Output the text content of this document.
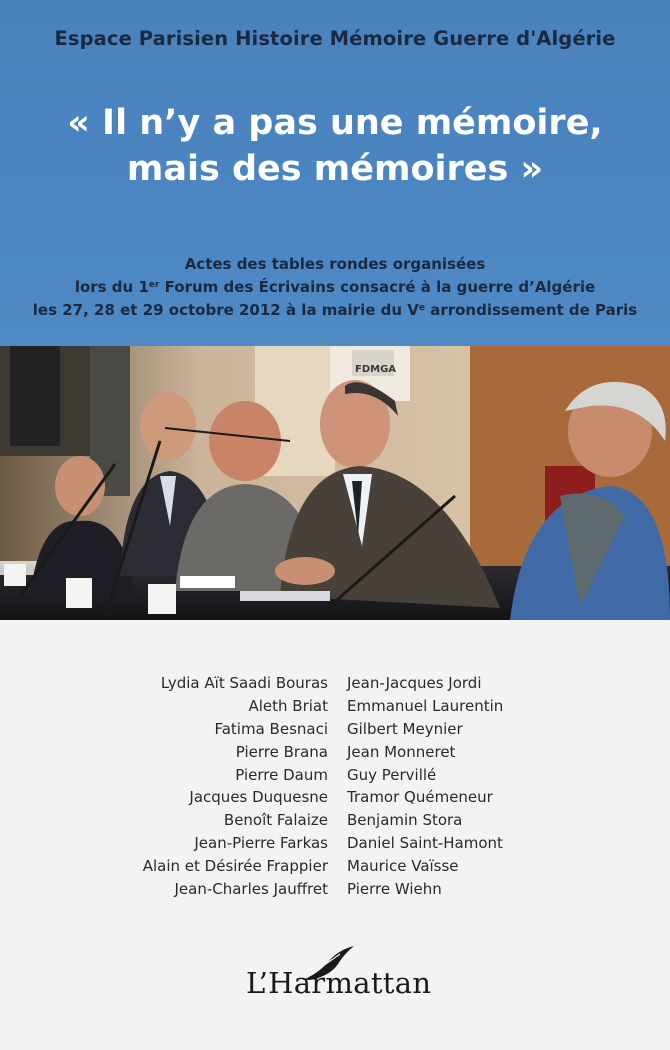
Espace Parisien Histoire Mémoire Guerre d'Algérie
« Il n’y a pas une mémoire,
mais des mémoires »
Actes des tables rondes organisées
lors du 1er Forum des Écrivains consacré à la guerre d’Algérie
les 27, 28 et 29 octobre 2012 à la mairie du Ve arrondissement de Paris
FDMGA
Lydia Aït Saadi Bouras
Aleth Briat
Fatima Besnaci
Pierre Brana
Pierre Daum
Jacques Duquesne
Benoît Falaize
Jean-Pierre Farkas
Alain et Désirée Frappier
Jean-Charles Jauffret
Jean-Jacques Jordi
Emmanuel Laurentin
Gilbert Meynier
Jean Monneret
Guy Pervillé
Tramor Quémeneur
Benjamin Stora
Daniel Saint-Hamont
Maurice Vaïsse
Pierre Wiehn
L’Harmattan
